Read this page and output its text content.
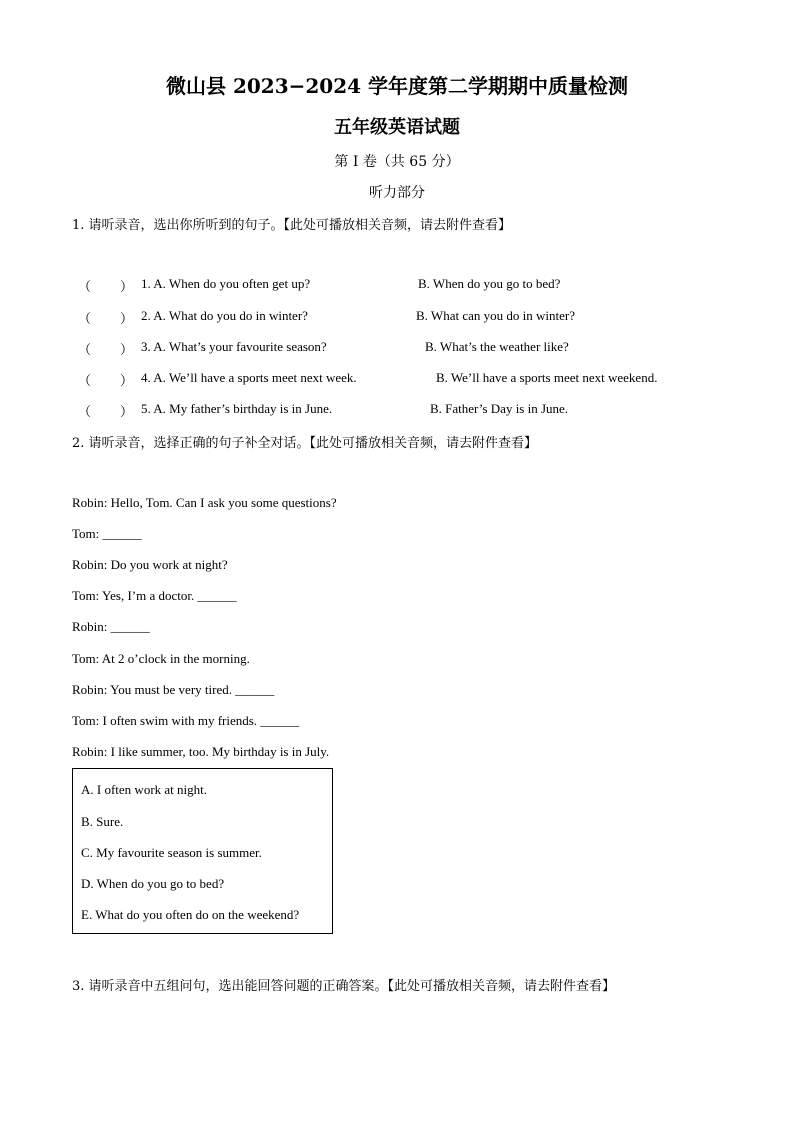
微山县 2023−2024 学年度第二学期期中质量检测
五年级英语试题
第 I 卷（共 65 分）
听力部分
1. 请听录音，选出你所听到的句子。【此处可播放相关音频，请去附件查看】
（ ） 1. A. When do you often get up?	B. When do you go to bed?
（ ） 2. A. What do you do in winter?	B. What can you do in winter?
（ ） 3. A. What’s your favourite season?	B. What’s the weather like?
（ ） 4. A. We’ll have a sports meet next week.	B. We’ll have a sports meet next weekend.
（ ） 5. A. My father’s birthday is in June.	B. Father’s Day is in June.
2. 请听录音，选择正确的句子补全对话。【此处可播放相关音频，请去附件查看】
Robin: Hello, Tom. Can I ask you some questions?
Tom: ______
Robin: Do you work at night?
Tom: Yes, I’m a doctor. ______
Robin: ______
Tom: At 2 o’clock in the morning.
Robin: You must be very tired. ______
Tom: I often swim with my friends. ______
Robin: I like summer, too. My birthday is in July.
A. I often work at night.
B. Sure.
C. My favourite season is summer.
D. When do you go to bed?
E. What do you often do on the weekend?
3. 请听录音中五组问句，选出能回答问题的正确答案。【此处可播放相关音频，请去附件查看】
